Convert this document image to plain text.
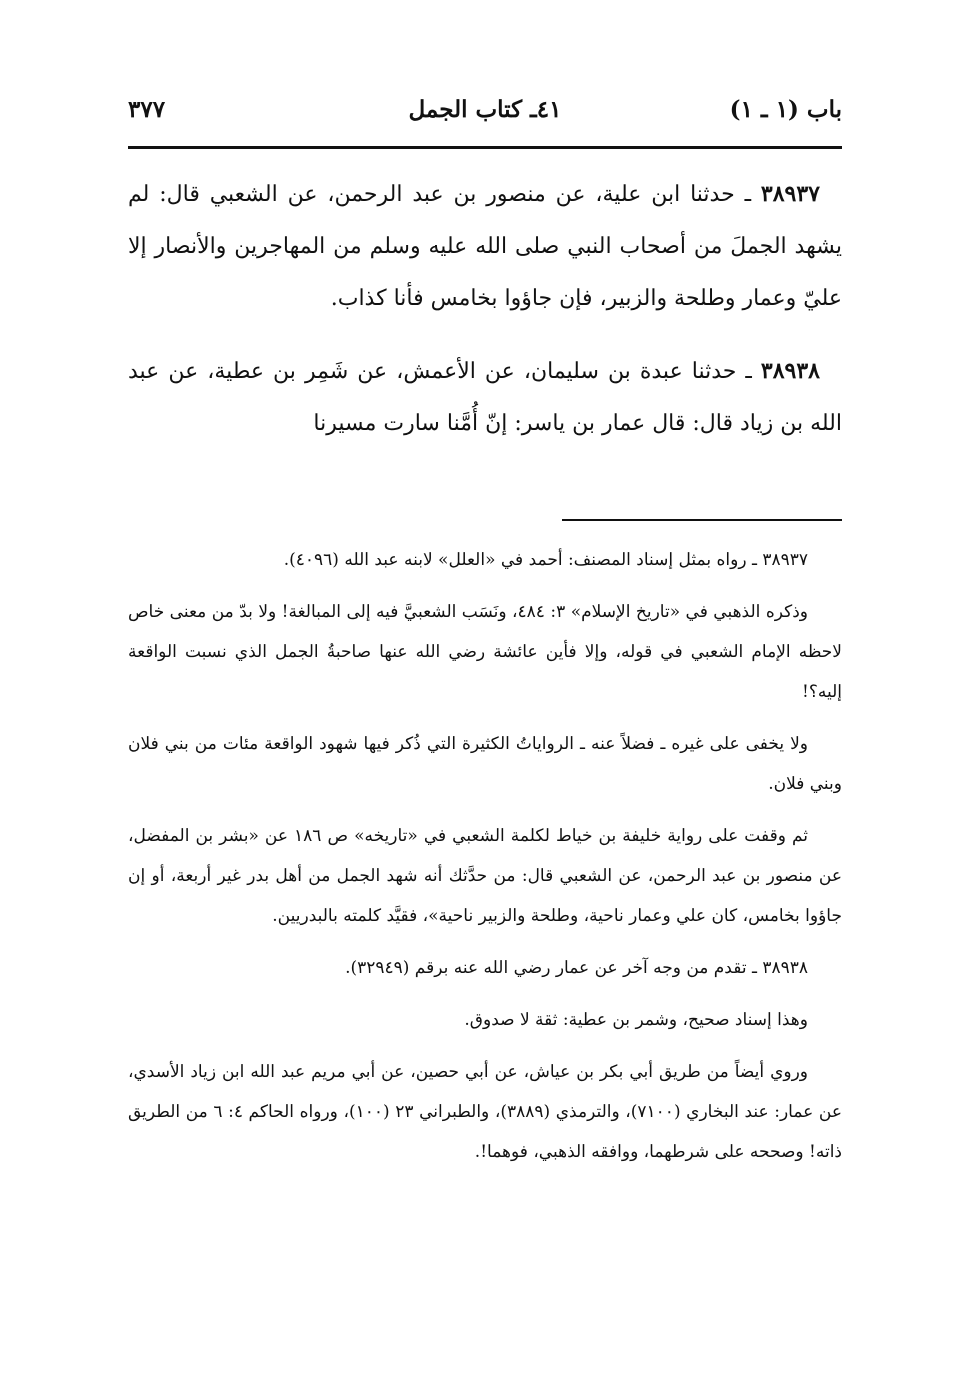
باب (١ ـ ١)
٤١ـ كتاب الجمل
٣٧٧

٣٨٩٣٧ ـ حدثنا ابن علية، عن منصور بن عبد الرحمن، عن الشعبي قال: لم يشهد الجملَ من أصحاب النبي صلى الله عليه وسلم من المهاجرين والأنصار إلا عليّ وعمار وطلحة والزبير، فإن جاؤوا بخامس فأنا كذاب.

٣٨٩٣٨ ـ حدثنا عبدة بن سليمان، عن الأعمش، عن شَمِر بن عطية، عن عبد الله بن زياد قال: قال عمار بن ياسر: إنّ أُمَّنا سارت مسيرنا

٣٨٩٣٧ ـ رواه بمثل إسناد المصنف: أحمد في «العلل» لابنه عبد الله (٤٠٩٦).

وذكره الذهبي في «تاريخ الإسلام» ٣: ٤٨٤، ونَسَب الشعبيَّ فيه إلى المبالغة! ولا بدّ من معنى خاص لاحظه الإمام الشعبي في قوله، وإلا فأين عائشة رضي الله عنها صاحبةُ الجمل الذي نسبت الواقعة إليه؟!

ولا يخفى على غيره ـ فضلاً عنه ـ الرواياتُ الكثيرة التي ذُكر فيها شهود الواقعة مئات من بني فلان وبني فلان.

ثم وقفت على رواية خليفة بن خياط لكلمة الشعبي في «تاريخه» ص ١٨٦ عن «بشر بن المفضل، عن منصور بن عبد الرحمن، عن الشعبي قال: من حدَّثك أنه شهد الجمل من أهل بدر غير أربعة، أو إن جاؤوا بخامس، كان علي وعمار ناحية، وطلحة والزبير ناحية»، فقيَّد كلمته بالبدريين.

٣٨٩٣٨ ـ تقدم من وجه آخر عن عمار رضي الله عنه برقم (٣٢٩٤٩).

وهذا إسناد صحيح، وشمر بن عطية: ثقة لا صدوق.

وروي أيضاً من طريق أبي بكر بن عياش، عن أبي حصين، عن أبي مريم عبد الله ابن زياد الأسدي، عن عمار: عند البخاري (٧١٠٠)، والترمذي (٣٨٨٩)، والطبراني ٢٣ (١٠٠)، ورواه الحاكم ٤: ٦ من الطريق ذاته! وصححه على شرطهما، ووافقه الذهبي، فوهما!.
